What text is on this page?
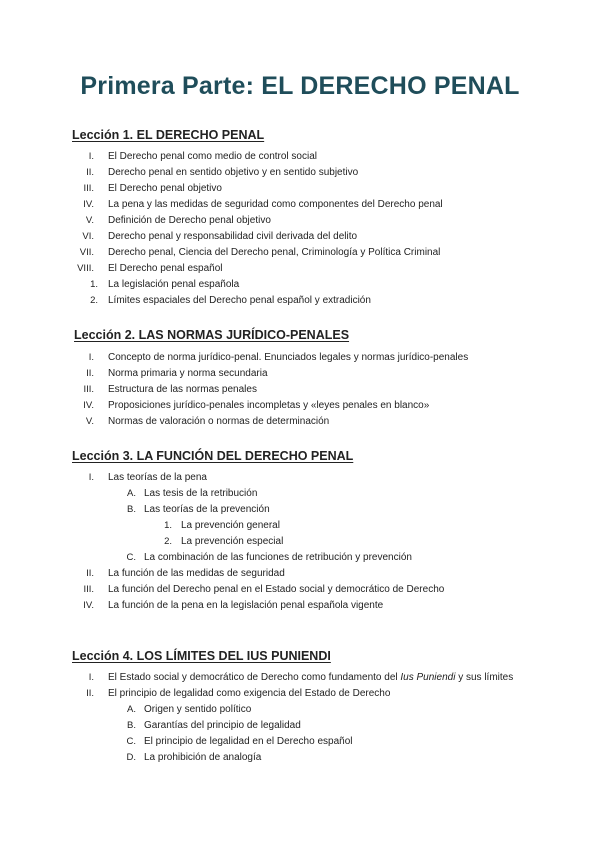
Primera Parte: EL DERECHO PENAL
Lección 1. EL DERECHO PENAL
I. El Derecho penal como medio de control social
II. Derecho penal en sentido objetivo y en sentido subjetivo
III. El Derecho penal objetivo
IV. La pena y las medidas de seguridad como componentes del Derecho penal
V. Definición de Derecho penal objetivo
VI. Derecho penal y responsabilidad civil derivada del delito
VII. Derecho penal, Ciencia del Derecho penal, Criminología y Política Criminal
VIII. El Derecho penal español
1. La legislación penal española
2. Límites espaciales del Derecho penal español y extradición
Lección 2. LAS NORMAS JURÍDICO-PENALES
I. Concepto de norma jurídico-penal. Enunciados legales y normas jurídico-penales
II. Norma primaria y norma secundaria
III. Estructura de las normas penales
IV. Proposiciones jurídico-penales incompletas y «leyes penales en blanco»
V. Normas de valoración o normas de determinación
Lección 3. LA FUNCIÓN DEL DERECHO PENAL
I. Las teorías de la pena
A. Las tesis de la retribución
B. Las teorías de la prevención
1. La prevención general
2. La prevención especial
C. La combinación de las funciones de retribución y prevención
II. La función de las medidas de seguridad
III. La función del Derecho penal en el Estado social y democrático de Derecho
IV. La función de la pena en la legislación penal española vigente
Lección 4. LOS LÍMITES DEL IUS PUNIENDI
I. El Estado social y democrático de Derecho como fundamento del Ius Puniendi y sus límites
II. El principio de legalidad como exigencia del Estado de Derecho
A. Origen y sentido político
B. Garantías del principio de legalidad
C. El principio de legalidad en el Derecho español
D. La prohibición de analogía
